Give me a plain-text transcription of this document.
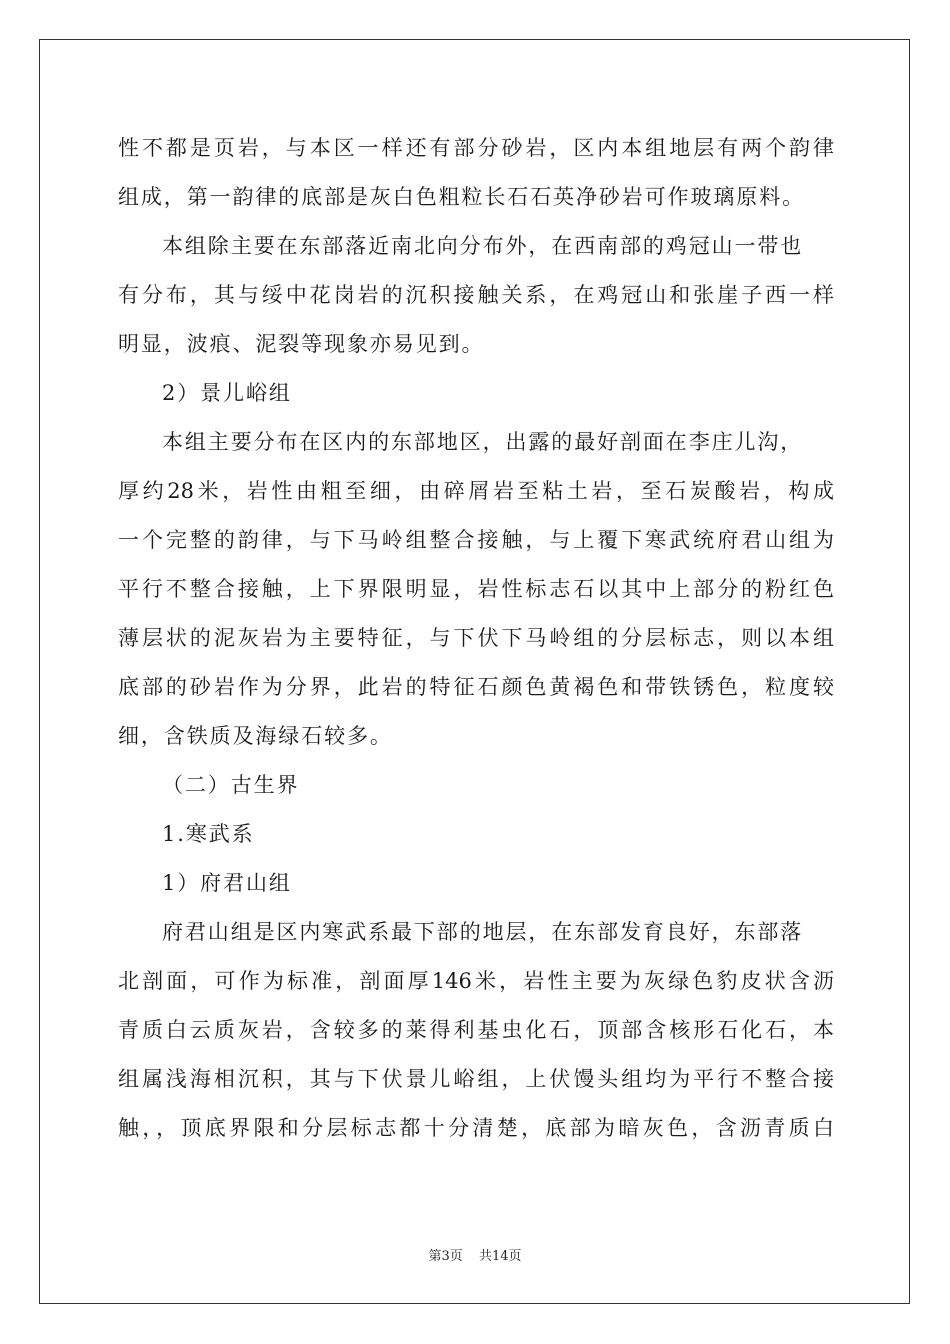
性不都是页岩，与本区一样还有部分砂岩，区内本组地层有两个韵律
组成，第一韵律的底部是灰白色粗粒长石石英净砂岩可作玻璃原料。
本组除主要在东部落近南北向分布外，在西南部的鸡冠山一带也
有分布，其与绥中花岗岩的沉积接触关系，在鸡冠山和张崖子西一样
明显，波痕、泥裂等现象亦易见到。
2）景儿峪组
本组主要分布在区内的东部地区，出露的最好剖面在李庄儿沟，
厚约28米，岩性由粗至细，由碎屑岩至粘土岩，至石炭酸岩，构成
一个完整的韵律，与下马岭组整合接触，与上覆下寒武统府君山组为
平行不整合接触，上下界限明显，岩性标志石以其中上部分的粉红色
薄层状的泥灰岩为主要特征，与下伏下马岭组的分层标志，则以本组
底部的砂岩作为分界，此岩的特征石颜色黄褐色和带铁锈色，粒度较
细，含铁质及海绿石较多。
（二）古生界
1.寒武系
1）府君山组
府君山组是区内寒武系最下部的地层，在东部发育良好，东部落
北剖面，可作为标准，剖面厚146米，岩性主要为灰绿色豹皮状含沥
青质白云质灰岩，含较多的莱得利基虫化石，顶部含核形石化石，本
组属浅海相沉积，其与下伏景儿峪组，上伏馒头组均为平行不整合接
触，，顶底界限和分层标志都十分清楚，底部为暗灰色，含沥青质白
第3页 共14页
